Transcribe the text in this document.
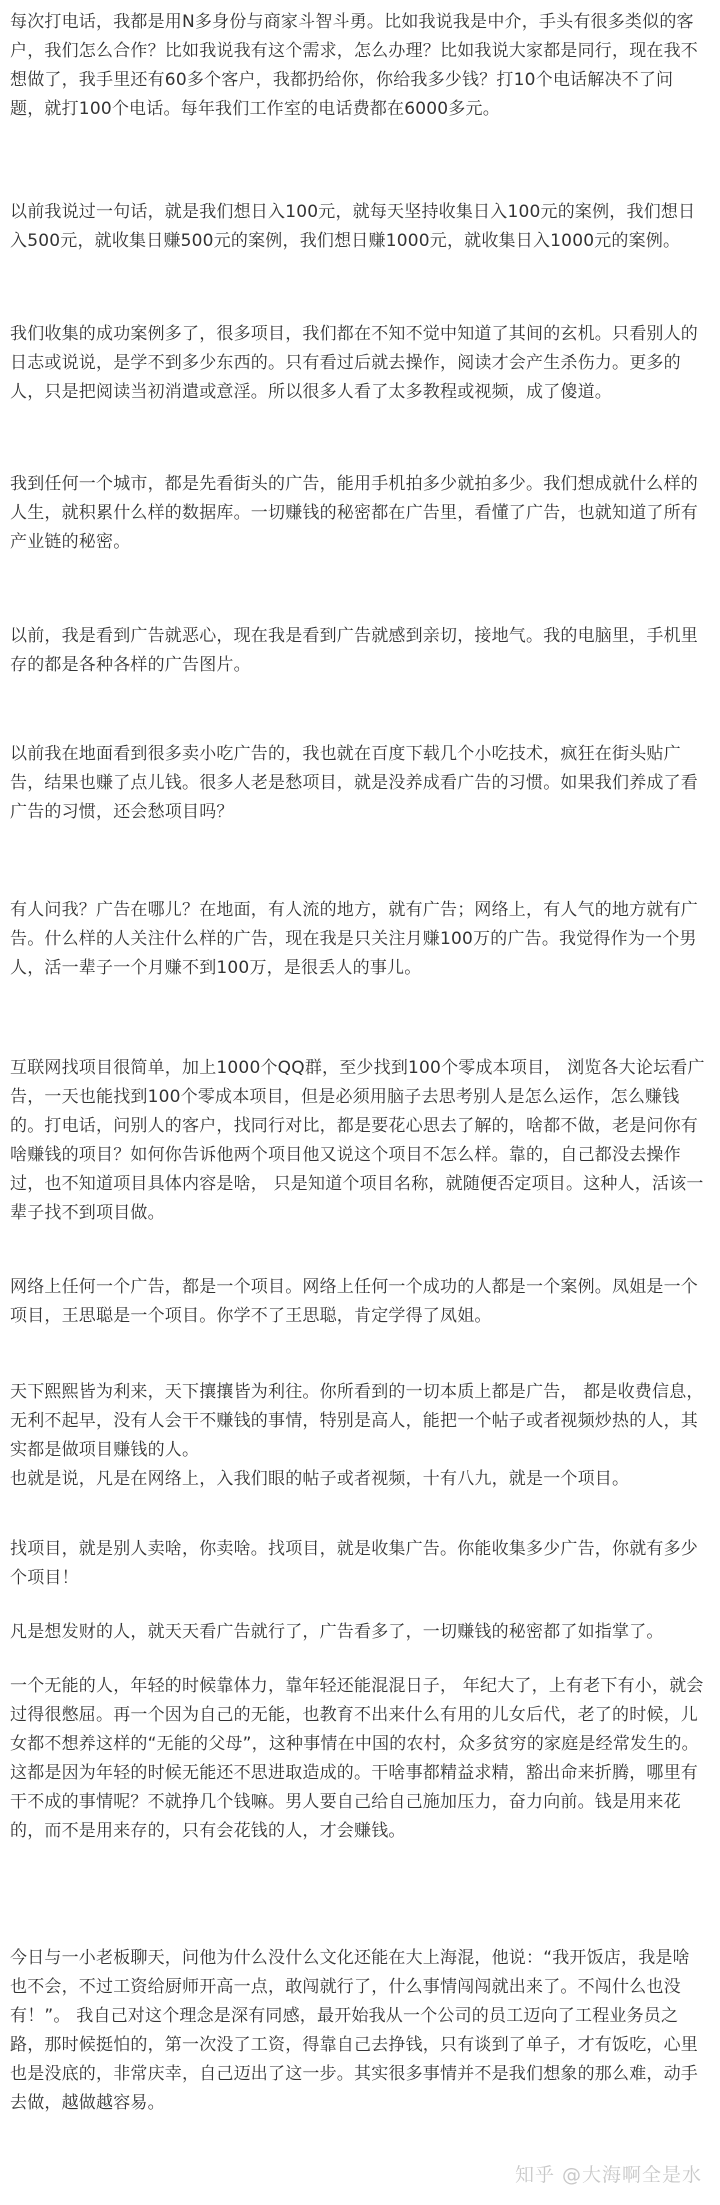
每次打电话，我都是用N多身份与商家斗智斗勇。比如我说我是中介，手头有很多类似的客户，我们怎么合作？比如我说我有这个需求，怎么办理？比如我说大家都是同行，现在我不想做了，我手里还有60多个客户，我都扔给你，你给我多少钱？打10个电话解决不了问题，就打100个电话。每年我们工作室的电话费都在6000多元。

以前我说过一句话，就是我们想日入100元，就每天坚持收集日入100元的案例，我们想日入500元，就收集日赚500元的案例，我们想日赚1000元，就收集日入1000元的案例。

我们收集的成功案例多了，很多项目，我们都在不知不觉中知道了其间的玄机。只看别人的日志或说说，是学不到多少东西的。只有看过后就去操作，阅读才会产生杀伤力。更多的人，只是把阅读当初消遣或意淫。所以很多人看了太多教程或视频，成了傻道。

我到任何一个城市，都是先看街头的广告，能用手机拍多少就拍多少。我们想成就什么样的人生，就积累什么样的数据库。一切赚钱的秘密都在广告里，看懂了广告，也就知道了所有产业链的秘密。

以前，我是看到广告就恶心，现在我是看到广告就感到亲切，接地气。我的电脑里，手机里存的都是各种各样的广告图片。

以前我在地面看到很多卖小吃广告的，我也就在百度下载几个小吃技术，疯狂在街头贴广告，结果也赚了点儿钱。很多人老是愁项目，就是没养成看广告的习惯。如果我们养成了看广告的习惯，还会愁项目吗？

有人问我？广告在哪儿？在地面，有人流的地方，就有广告；网络上，有人气的地方就有广告。什么样的人关注什么样的广告，现在我是只关注月赚100万的广告。我觉得作为一个男人，活一辈子一个月赚不到100万，是很丢人的事儿。

互联网找项目很简单，加上1000个QQ群，至少找到100个零成本项目， 浏览各大论坛看广告，一天也能找到100个零成本项目，但是必须用脑子去思考别人是怎么运作，怎么赚钱的。打电话，问别人的客户，找同行对比，都是要花心思去了解的，啥都不做，老是问你有啥赚钱的项目？如何你告诉他两个项目他又说这个项目不怎么样。靠的，自己都没去操作过，也不知道项目具体内容是啥， 只是知道个项目名称，就随便否定项目。这种人，活该一辈子找不到项目做。

网络上任何一个广告，都是一个项目。网络上任何一个成功的人都是一个案例。凤姐是一个项目，王思聪是一个项目。你学不了王思聪，肯定学得了凤姐。

天下熙熙皆为利来，天下攘攘皆为利往。你所看到的一切本质上都是广告， 都是收费信息，无利不起早，没有人会干不赚钱的事情，特别是高人，能把一个帖子或者视频炒热的人，其实都是做项目赚钱的人。
也就是说，凡是在网络上，入我们眼的帖子或者视频，十有八九，就是一个项目。

找项目，就是别人卖啥，你卖啥。找项目，就是收集广告。你能收集多少广告，你就有多少个项目！

凡是想发财的人，就天天看广告就行了，广告看多了，一切赚钱的秘密都了如指掌了。

一个无能的人，年轻的时候靠体力，靠年轻还能混混日子， 年纪大了，上有老下有小，就会过得很憋屈。再一个因为自己的无能，也教育不出来什么有用的儿女后代，老了的时候，儿女都不想养这样的“无能的父母”，这种事情在中国的农村，众多贫穷的家庭是经常发生的。 这都是因为年轻的时候无能还不思进取造成的。干啥事都精益求精，豁出命来折腾，哪里有干不成的事情呢？不就挣几个钱嘛。男人要自己给自己施加压力，奋力向前。钱是用来花的，而不是用来存的，只有会花钱的人，才会赚钱。

今日与一小老板聊天，问他为什么没什么文化还能在大上海混，他说：“我开饭店，我是啥也不会，不过工资给厨师开高一点，敢闯就行了，什么事情闯闯就出来了。不闯什么也没有！”。 我自己对这个理念是深有同感，最开始我从一个公司的员工迈向了工程业务员之路，那时候挺怕的，第一次没了工资，得靠自己去挣钱，只有谈到了单子，才有饭吃，心里也是没底的，非常庆幸，自己迈出了这一步。其实很多事情并不是我们想象的那么难，动手去做，越做越容易。

知乎 @大海啊全是水
